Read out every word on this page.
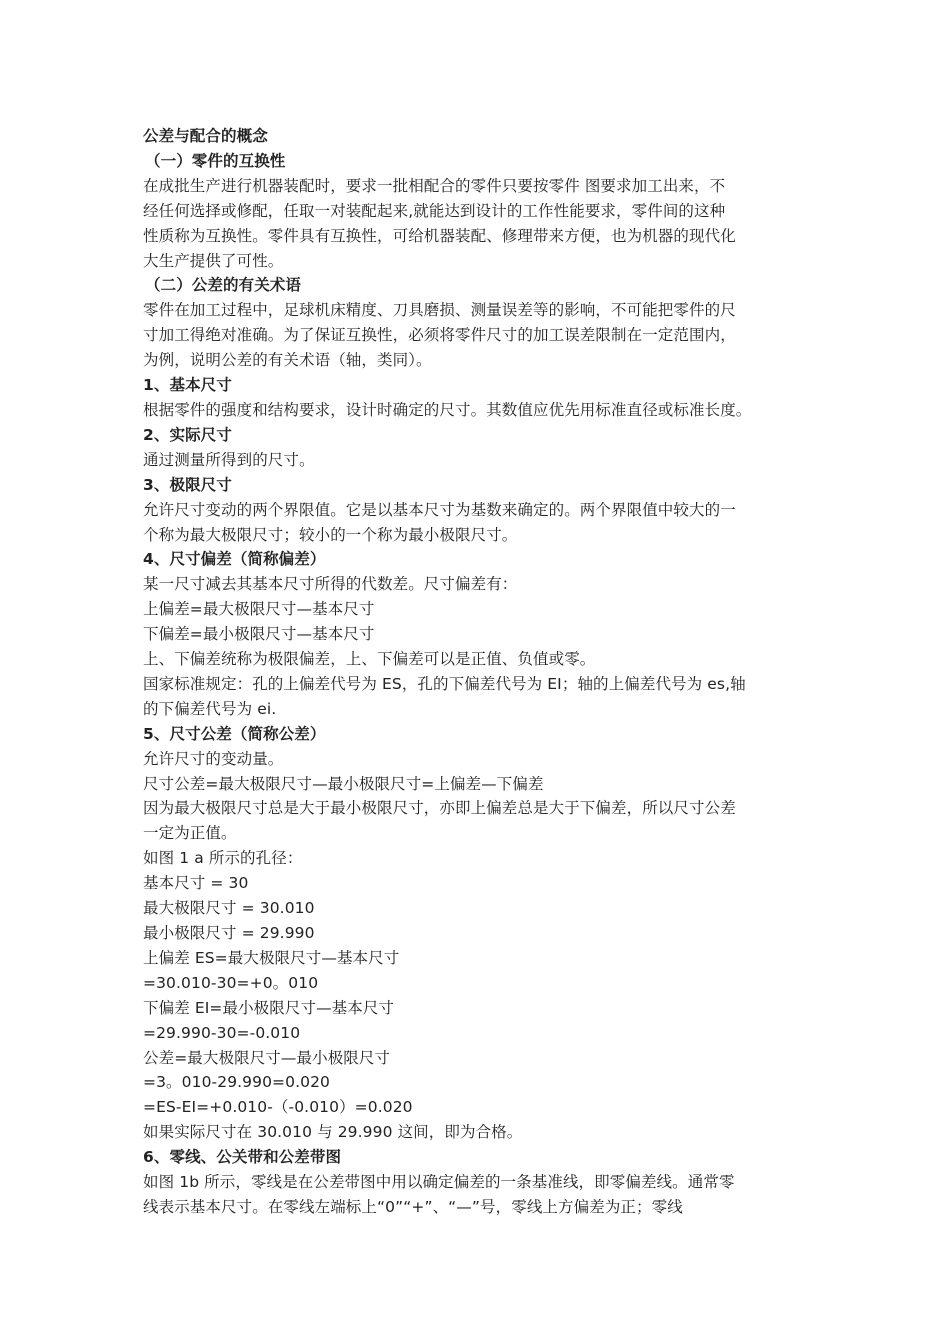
公差与配合的概念
（一）零件的互换性
在成批生产进行机器装配时，要求一批相配合的零件只要按零件 图要求加工出来，不
经任何选择或修配，任取一对装配起来,就能达到设计的工作性能要求，零件间的这种
性质称为互换性。零件具有互换性，可给机器装配、修理带来方便，也为机器的现代化
大生产提供了可性。
（二）公差的有关术语
零件在加工过程中，足球机床精度、刀具磨损、测量误差等的影响，不可能把零件的尺
寸加工得绝对准确。为了保证互换性，必须将零件尺寸的加工误差限制在一定范围内，
为例，说明公差的有关术语（轴，类同）。
1、基本尺寸
根据零件的强度和结构要求，设计时确定的尺寸。其数值应优先用标准直径或标准长度。
2、实际尺寸
通过测量所得到的尺寸。
3、极限尺寸
允许尺寸变动的两个界限值。它是以基本尺寸为基数来确定的。两个界限值中较大的一
个称为最大极限尺寸；较小的一个称为最小极限尺寸。
4、尺寸偏差（简称偏差）
某一尺寸减去其基本尺寸所得的代数差。尺寸偏差有：
上偏差=最大极限尺寸—基本尺寸
下偏差=最小极限尺寸—基本尺寸
上、下偏差统称为极限偏差，上、下偏差可以是正值、负值或零。
国家标准规定：孔的上偏差代号为 ES，孔的下偏差代号为 EI；轴的上偏差代号为 es,轴
的下偏差代号为 ei.
5、尺寸公差（简称公差）
允许尺寸的变动量。
尺寸公差=最大极限尺寸—最小极限尺寸=上偏差—下偏差
因为最大极限尺寸总是大于最小极限尺寸，亦即上偏差总是大于下偏差，所以尺寸公差
一定为正值。
如图 1 a 所示的孔径：
基本尺寸 = 30
最大极限尺寸 = 30.010
最小极限尺寸 = 29.990
上偏差 ES=最大极限尺寸—基本尺寸
=30.010-30=+0。010
下偏差 EI=最小极限尺寸—基本尺寸
=29.990-30=-0.010
公差=最大极限尺寸—最小极限尺寸
=3。010-29.990=0.020
=ES-EI=+0.010-（-0.010）=0.020
如果实际尺寸在 30.010 与 29.990 这间，即为合格。
6、零线、公关带和公差带图
如图 1b 所示，零线是在公差带图中用以确定偏差的一条基准线，即零偏差线。通常零
线表示基本尺寸。在零线左端标上“0”“+”、“—”号，零线上方偏差为正；零线
